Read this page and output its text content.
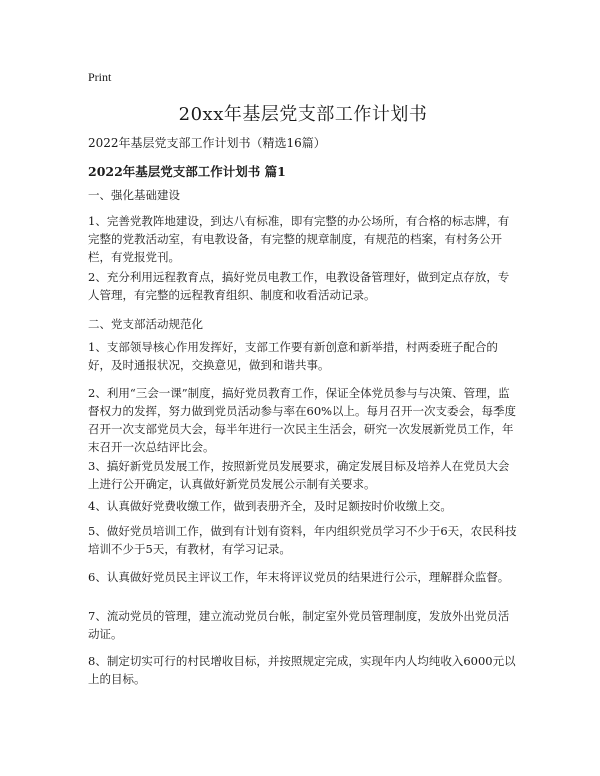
Print
20xx年基层党支部工作计划书
2022年基层党支部工作计划书（精选16篇）
2022年基层党支部工作计划书 篇1

一、强化基础建设

1、完善党教阵地建设，到达八有标准，即有完整的办公场所，有合格的标志牌，有完整的党教活动室，有电教设备，有完整的规章制度，有规范的档案，有村务公开栏，有党报党刊。

2、充分利用远程教育点，搞好党员电教工作，电教设备管理好，做到定点存放，专人管理，有完整的远程教育组织、制度和收看活动记录。

二、党支部活动规范化

1、支部领导核心作用发挥好，支部工作要有新创意和新举措，村两委班子配合的好，及时通报状况，交换意见，做到和谐共事。

2、利用“三会一课”制度，搞好党员教育工作，保证全体党员参与与决策、管理，监督权力的发挥，努力做到党员活动参与率在60%以上。每月召开一次支委会，每季度召开一次支部党员大会，每半年进行一次民主生活会，研究一次发展新党员工作，年末召开一次总结评比会。

3、搞好新党员发展工作，按照新党员发展要求，确定发展目标及培养人在党员大会上进行公开确定，认真做好新党员发展公示制有关要求。

4、认真做好党费收缴工作，做到表册齐全，及时足额按时价收缴上交。

5、做好党员培训工作，做到有计划有资料，年内组织党员学习不少于6天，农民科技培训不少于5天，有教材，有学习记录。

6、认真做好党员民主评议工作，年末将评议党员的结果进行公示，理解群众监督。

7、流动党员的管理，建立流动党员台帐，制定室外党员管理制度，发放外出党员活动证。

8、制定切实可行的村民增收目标，并按照规定完成，实现年内人均纯收入6000元以上的目标。
